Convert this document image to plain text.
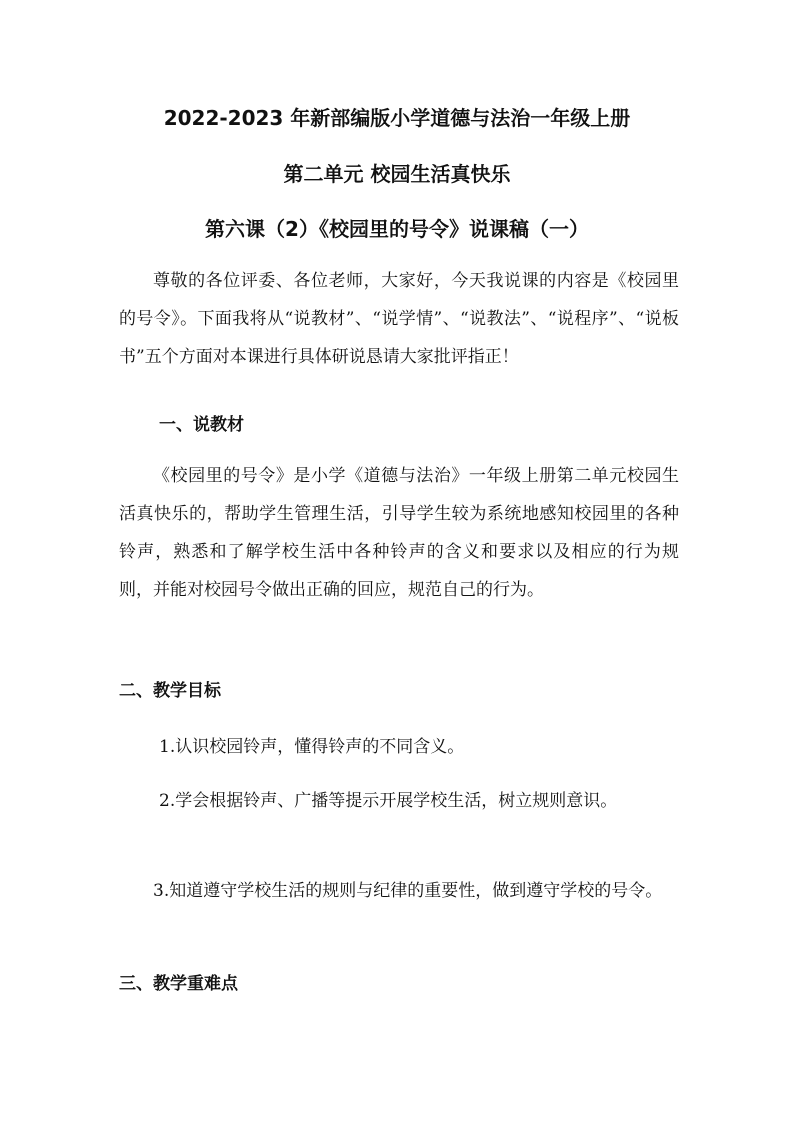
2022-2023 年新部编版小学道德与法治一年级上册
第二单元 校园生活真快乐
第六课（2）《校园里的号令》说课稿（一）

尊敬的各位评委、各位老师，大家好，今天我说课的内容是《校园里的号令》。下面我将从“说教材”、“说学情”、“说教法”、“说程序”、“说板书”五个方面对本课进行具体研说恳请大家批评指正！

一、说教材

《校园里的号令》是小学《道德与法治》一年级上册第二单元校园生活真快乐的，帮助学生管理生活，引导学生较为系统地感知校园里的各种铃声，熟悉和了解学校生活中各种铃声的含义和要求以及相应的行为规则，并能对校园号令做出正确的回应，规范自己的行为。

二、教学目标

1.认识校园铃声，懂得铃声的不同含义。

2.学会根据铃声、广播等提示开展学校生活，树立规则意识。

3.知道遵守学校生活的规则与纪律的重要性，做到遵守学校的号令。

三、教学重难点
